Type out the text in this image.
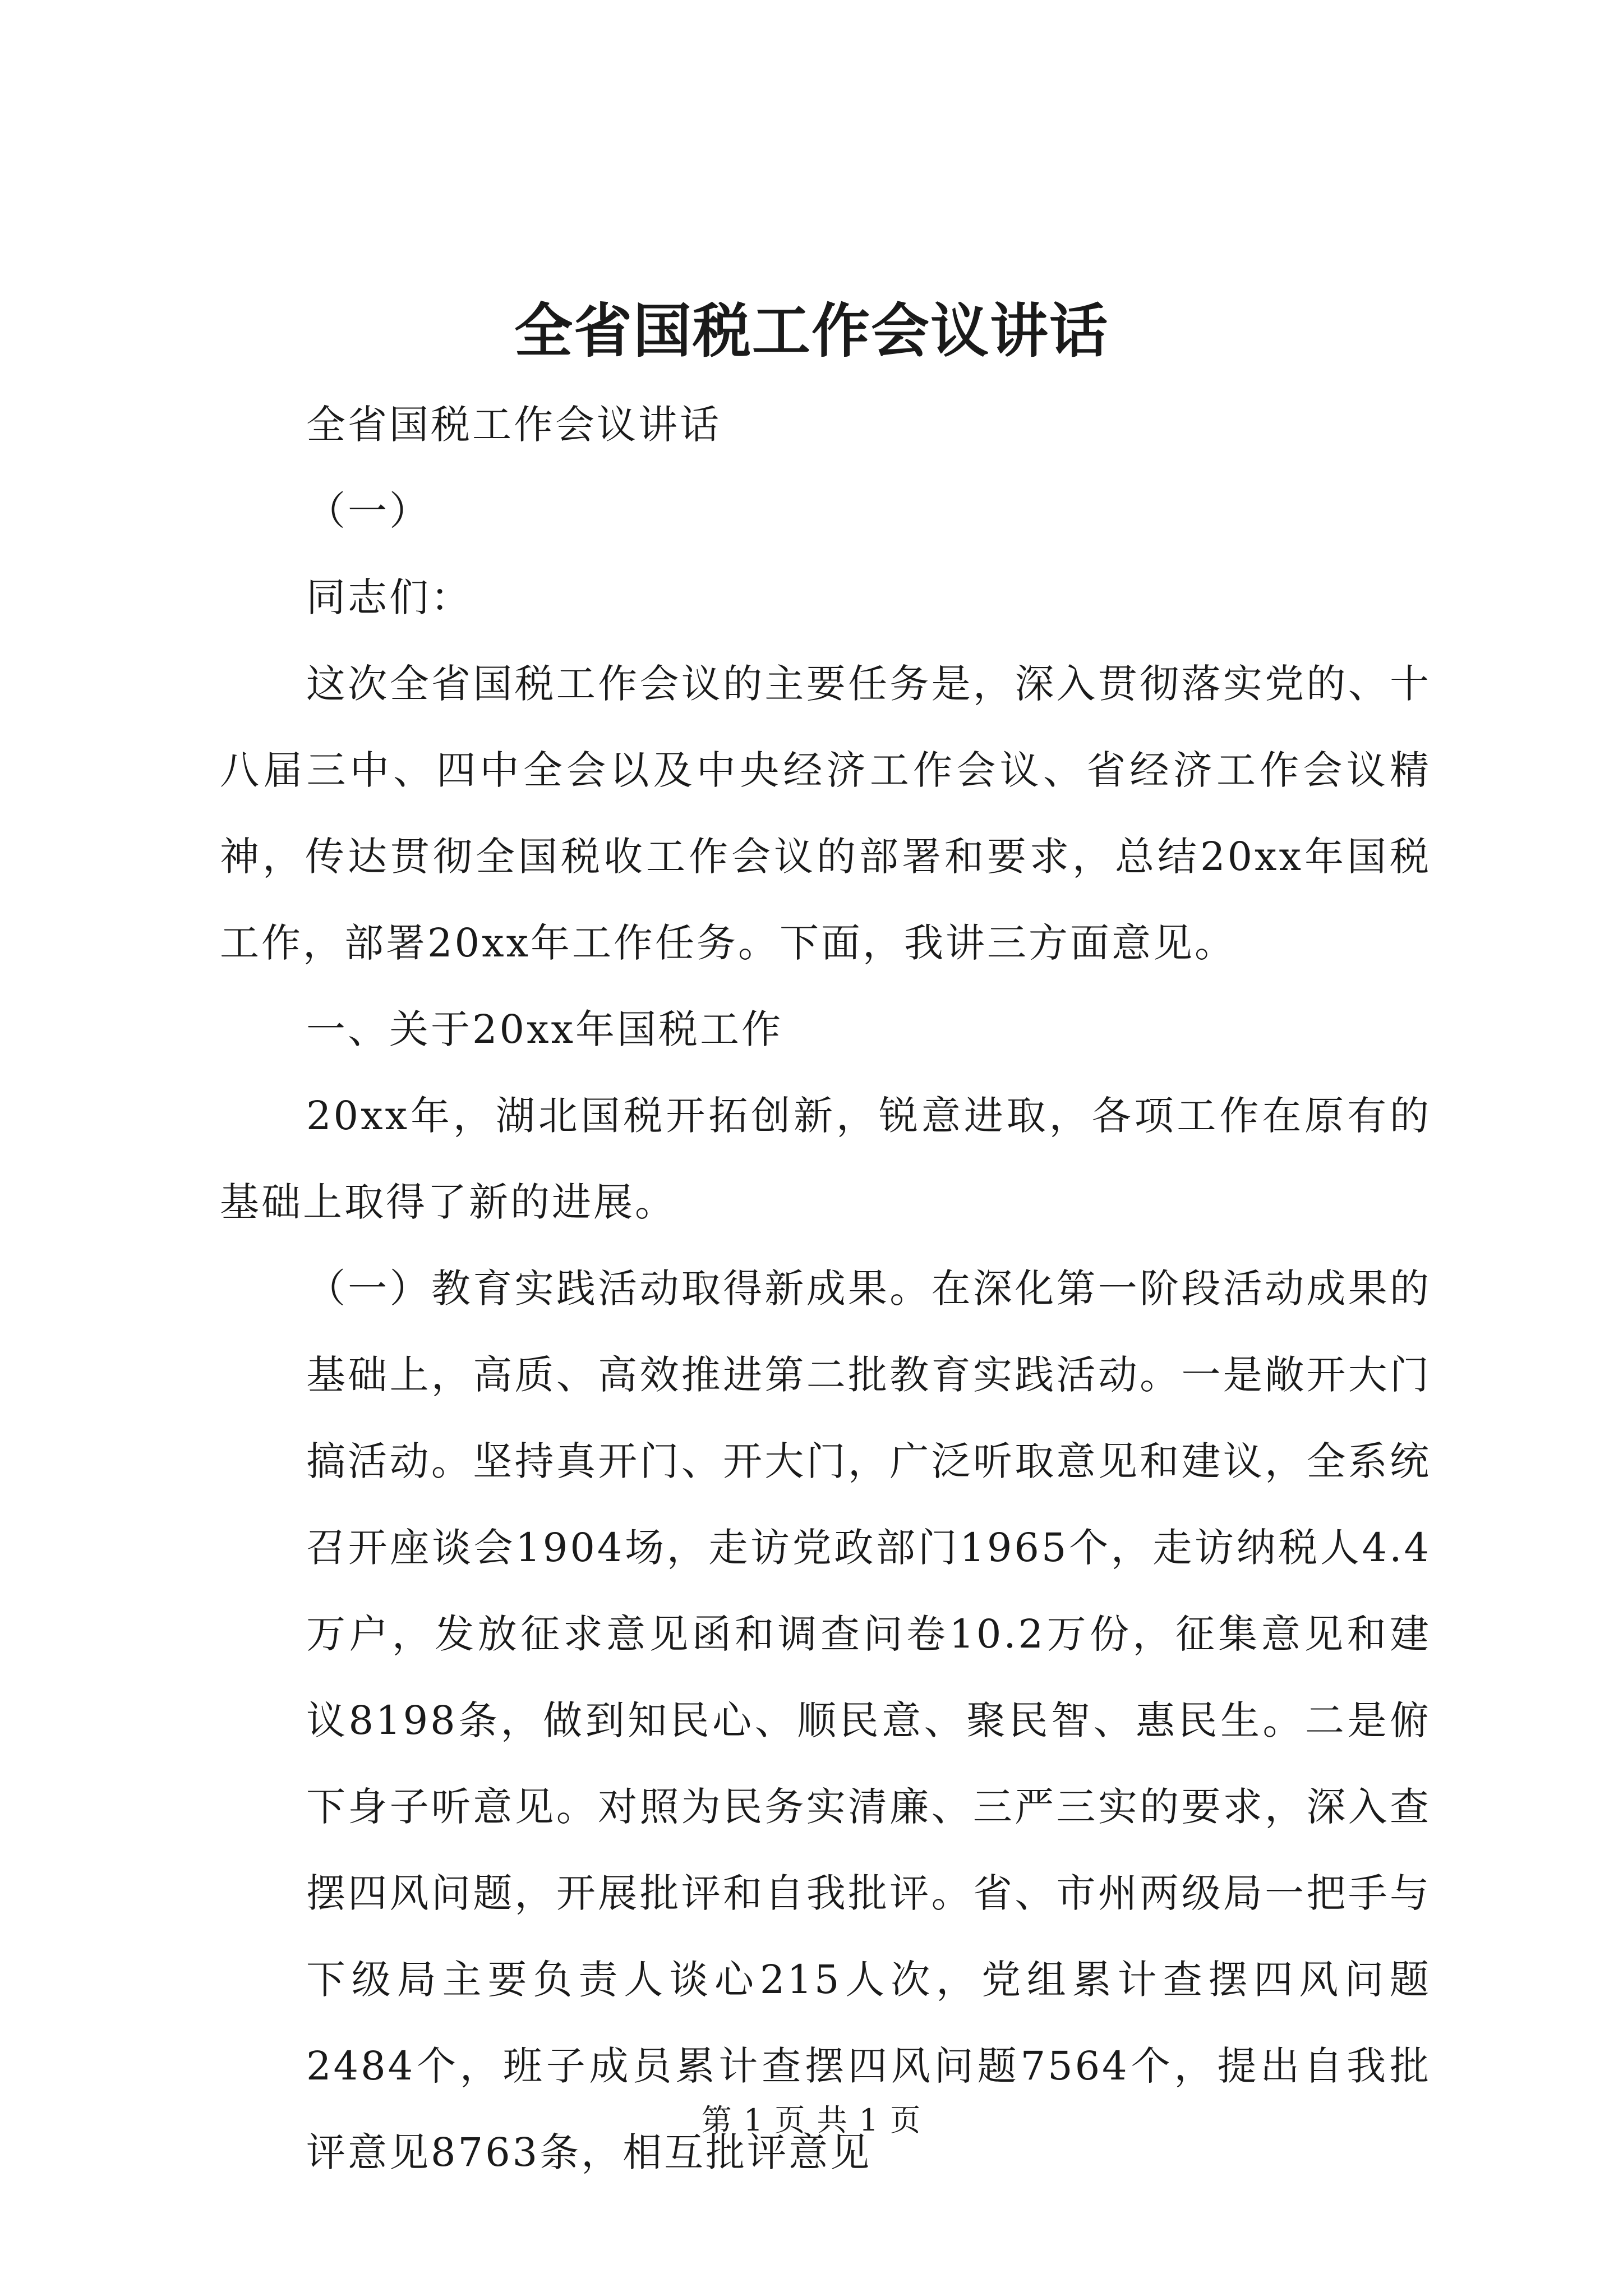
全省国税工作会议讲话

全省国税工作会议讲话

（一）

同志们：

这次全省国税工作会议的主要任务是，深入贯彻落实党的、十八届三中、四中全会以及中央经济工作会议、省经济工作会议精神，传达贯彻全国税收工作会议的部署和要求，总结20xx年国税工作，部署20xx年工作任务。下面，我讲三方面意见。

一、关于20xx年国税工作

20xx年，湖北国税开拓创新，锐意进取，各项工作在原有的基础上取得了新的进展。

（一）教育实践活动取得新成果。在深化第一阶段活动成果的基础上，高质、高效推进第二批教育实践活动。一是敞开大门搞活动。坚持真开门、开大门，广泛听取意见和建议，全系统召开座谈会1904场，走访党政部门1965个，走访纳税人4.4万户，发放征求意见函和调查问卷10.2万份，征集意见和建议8198条，做到知民心、顺民意、聚民智、惠民生。二是俯下身子听意见。对照为民务实清廉、三严三实的要求，深入查摆四风问题，开展批评和自我批评。省、市州两级局一把手与下级局主要负责人谈心215人次，党组累计查摆四风问题2484个，班子成员累计查摆四风问题7564个，提出自我批评意见8763条，相互批评意见

第 1 页 共 1 页
